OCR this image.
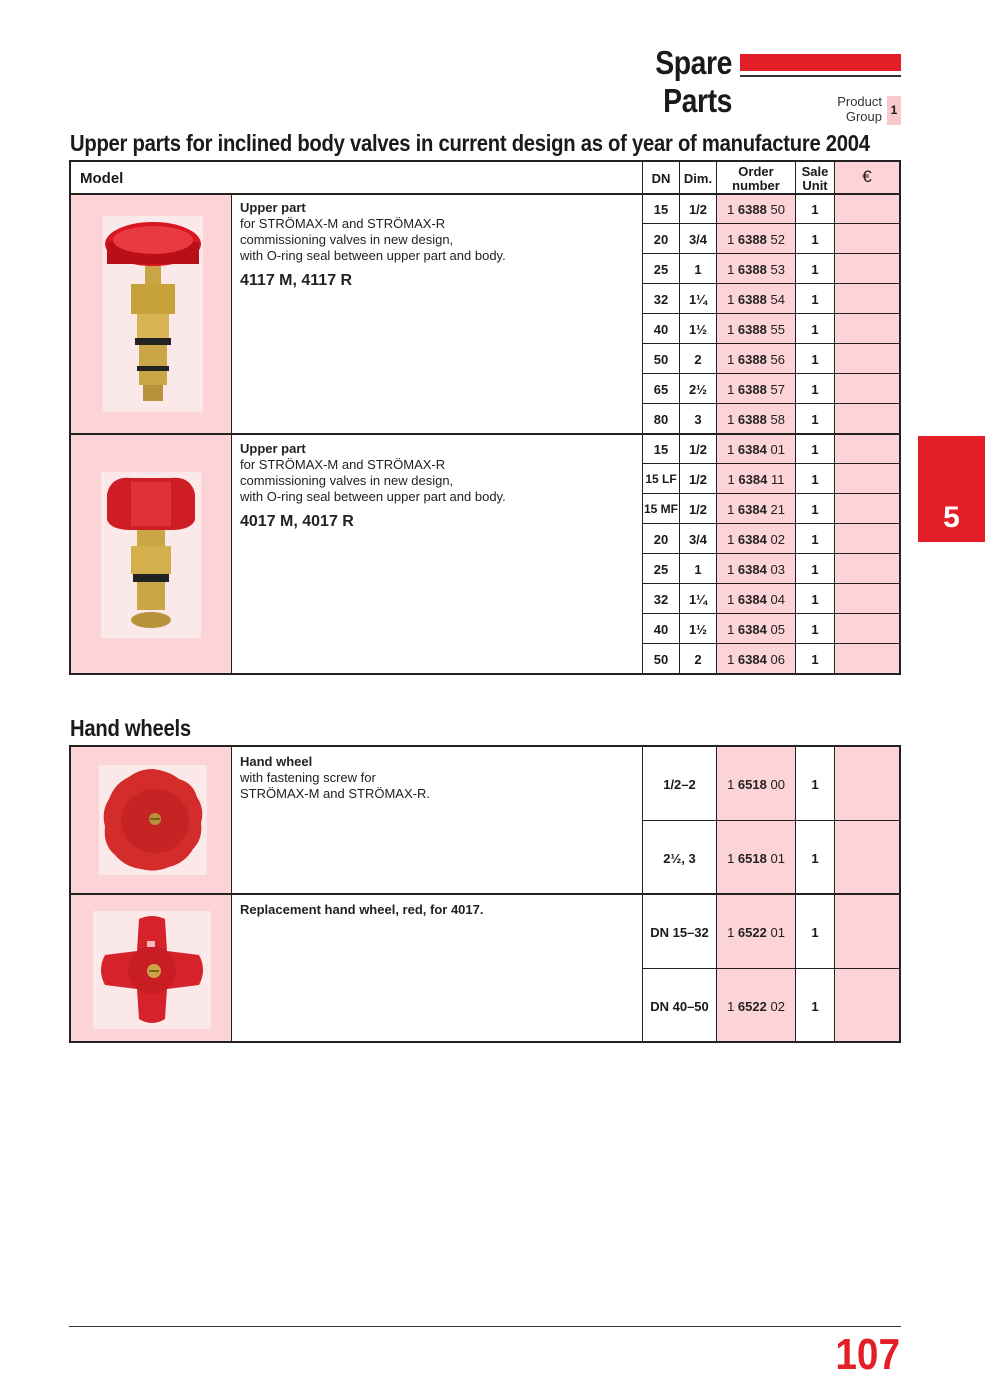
Spare Parts	Product
Group 1
5
Upper parts for inclined body valves in current design as of year of manufacture 2004
Model	DN	Dim.	Order
number
Sale
Unit	€
Upper part
for STRÖMAX-M and STRÖMAX-R
commissioning valves in new design,
with O-ring seal between upper part and body.
4117 M, 4117 R
Upper part
for STRÖMAX-M and STRÖMAX-R
commissioning valves in new design,
with O-ring seal between upper part and body.
4017 M, 4017 R
15	1/2	1 6388 50	1
20	3/4	1 6388 52	1
25	1	1 6388 53	1
32	1¼	1 6388 54	1
40	1½	1 6388 55	1
50	2	1 6388 56	1
65	2½	1 6388 57	1
80	3	1 6388 58	1
15	1/2	1 6384 01	1
15 LF 1/2	1 6384 11	1
15 MF 1/2	1 6384 21	1
20	3/4	1 6384 02	1
25	1	1 6384 03	1
32	1¼	1 6384 04	1
40	1½	1 6384 05	1
50	2	1 6384 06	1
Hand wheels
Hand wheel
with fastening screw for
STRÖMAX-M and STRÖMAX-R.
Replacement hand wheel, red, for 4017.
1/2–2	1 6518 00	1
2½, 3	1 6518 01	1
DN 15–32	1 6522 01	1
DN 40–50	1 6522 02	1
107
